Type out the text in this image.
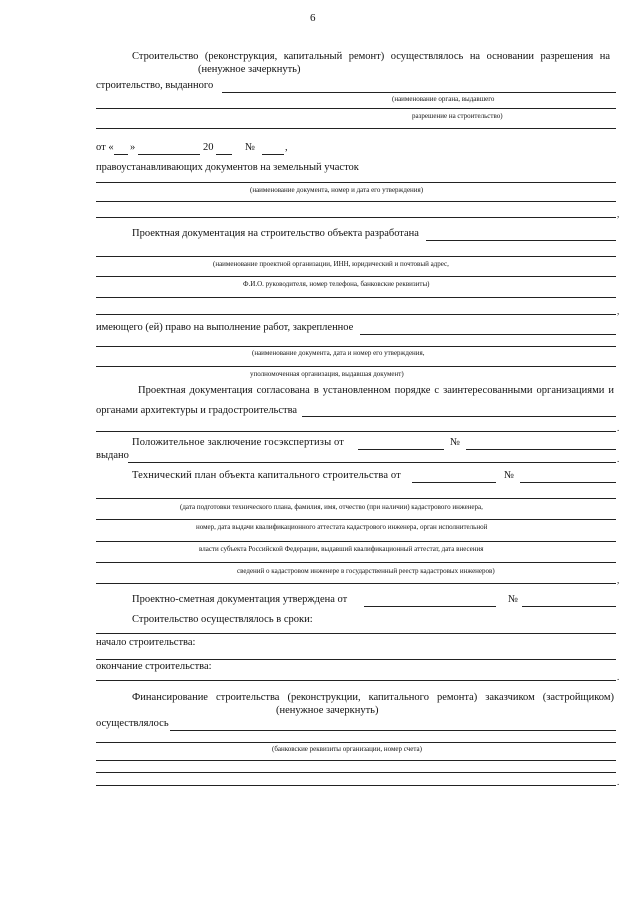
6
Строительство (реконструкция, капитальный ремонт) осуществлялось на основании разрешения на
(ненужное зачеркнуть)
строительство, выданного
(наименование органа, выдавшего
разрешение на строительство)
от « »	20	№	,
правоустанавливающих документов на земельный участок
(наименование документа, номер и дата его утверждения)
,
Проектная документация на строительство объекта разработана
(наименование проектной организации, ИНН, юридический и почтовый адрес,
Ф.И.О. руководителя, номер телефона, банковские реквизиты)
,
имеющего (ей) право на выполнение работ, закрепленное
(наименование документа, дата и номер его утверждения,
уполномоченная организация, выдавшая документ)
Проектная документация согласована в установленном порядке с заинтересованными организациями и
органами архитектуры и градостроительства
.
Положительное заключение госэкспертизы от	№
выдано	.
Технический план объекта капитального строительства от	№
(дата подготовки технического плана, фамилия, имя, отчество (при наличии) кадастрового инженера,
номер, дата выдачи квалификационного аттестата кадастрового инженера, орган исполнительной
власти субъекта Российской Федерации, выдавший квалификационный аттестат, дата внесения
сведений о кадастровом инженере в государственный реестр кадастровых инженеров)
,
Проектно-сметная документация утверждена от	№
Строительство осуществлялось в сроки:
начало строительства:
окончание строительства:
.
Финансирование строительства (реконструкции, капитального ремонта) заказчиком (застройщиком)
(ненужное зачеркнуть)
осуществлялось
(банковские реквизиты организации, номер счета)
.
